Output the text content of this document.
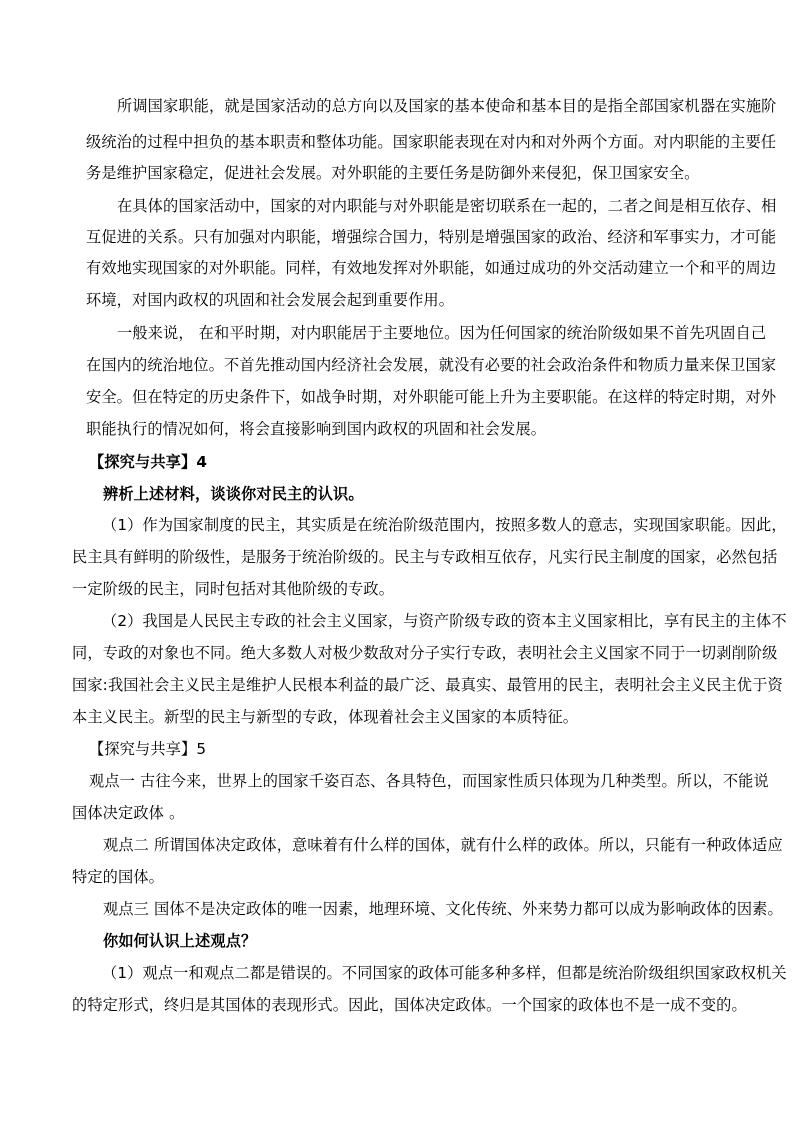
所调国家职能，就是国家活动的总方向以及国家的基本使命和基本目的是指全部国家机器在实施阶
级统治的过程中担负的基本职责和整体功能。国家职能表现在对内和对外两个方面。对内职能的主要任
务是维护国家稳定，促进社会发展。对外职能的主要任务是防御外来侵犯，保卫国家安全。
在具体的国家活动中，国家的对内职能与对外职能是密切联系在一起的，二者之间是相互依存、相
互促进的关系。只有加强对内职能，增强综合国力，特别是增强国家的政治、经济和军事实力，才可能
有效地实现国家的对外职能。同样，有效地发挥对外职能，如通过成功的外交活动建立一个和平的周边
环境，对国内政权的巩固和社会发展会起到重要作用。
一般来说， 在和平时期，对内职能居于主要地位。因为任何国家的统治阶级如果不首先巩固自己
在国内的统治地位。不首先推动国内经济社会发展，就没有必要的社会政治条件和物质力量来保卫国家
安全。但在特定的历史条件下，如战争时期，对外职能可能上升为主要职能。在这样的特定时期，对外
职能执行的情况如何，将会直接影响到国内政权的巩固和社会发展。
【探究与共享】4
辨析上述材料，谈谈你对民主的认识。
（1）作为国家制度的民主，其实质是在统治阶级范围内，按照多数人的意志，实现国家职能。因此，
民主具有鲜明的阶级性，是服务于统治阶级的。民主与专政相互依存，凡实行民主制度的国家，必然包括
一定阶级的民主，同时包括对其他阶级的专政。
（2）我国是人民民主专政的社会主义国家，与资产阶级专政的资本主义国家相比，享有民主的主体不
同，专政的对象也不同。绝大多数人对极少数敌对分子实行专政，表明社会主义国家不同于一切剥削阶级
国家:我国社会主义民主是维护人民根本利益的最广泛、最真实、最管用的民主，表明社会主义民主优于资
本主义民主。新型的民主与新型的专政，体现着社会主义国家的本质特征。
【探究与共享】5
观点一 古往今来，世界上的国家千姿百态、各具特色，而国家性质只体现为几种类型。所以，不能说
国体决定政体 。
观点二 所谓国体决定政体，意味着有什么样的国体，就有什么样的政体。所以，只能有一种政体适应
特定的国体。
观点三 国体不是决定政体的唯一因素，地理环境、文化传统、外来势力都可以成为影响政体的因素。
你如何认识上述观点？
（1）观点一和观点二都是错误的。不同国家的政体可能多种多样，但都是统治阶级组织国家政权机关
的特定形式，终归是其国体的表现形式。因此，国体决定政体。一个国家的政体也不是一成不变的。
